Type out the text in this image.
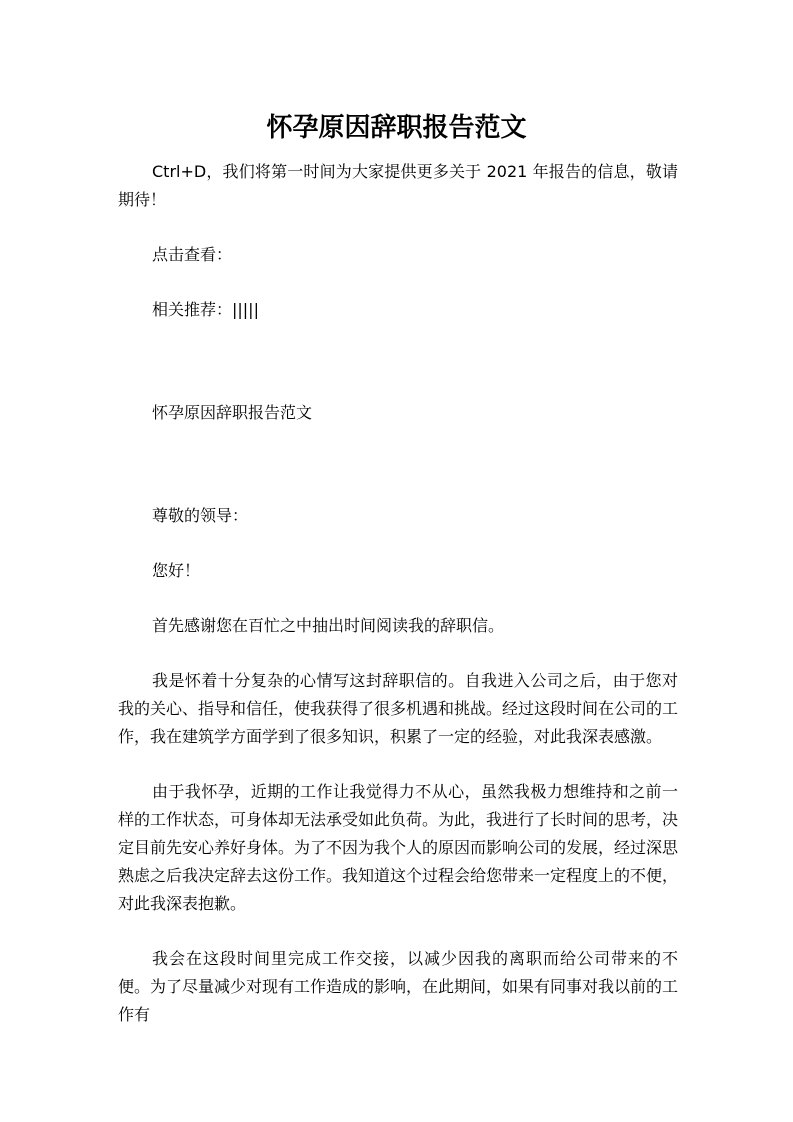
怀孕原因辞职报告范文

Ctrl+D，我们将第一时间为大家提供更多关于 2021 年报告的信息，敬请期待！

点击查看：

相关推荐：|||||

怀孕原因辞职报告范文

尊敬的领导：

您好！

首先感谢您在百忙之中抽出时间阅读我的辞职信。

我是怀着十分复杂的心情写这封辞职信的。自我进入公司之后，由于您对我的关心、指导和信任，使我获得了很多机遇和挑战。经过这段时间在公司的工作，我在建筑学方面学到了很多知识，积累了一定的经验，对此我深表感激。

由于我怀孕，近期的工作让我觉得力不从心，虽然我极力想维持和之前一样的工作状态，可身体却无法承受如此负荷。为此，我进行了长时间的思考，决定目前先安心养好身体。为了不因为我个人的原因而影响公司的发展，经过深思熟虑之后我决定辞去这份工作。我知道这个过程会给您带来一定程度上的不便，对此我深表抱歉。

我会在这段时间里完成工作交接，以减少因我的离职而给公司带来的不便。为了尽量减少对现有工作造成的影响，在此期间，如果有同事对我以前的工作有
